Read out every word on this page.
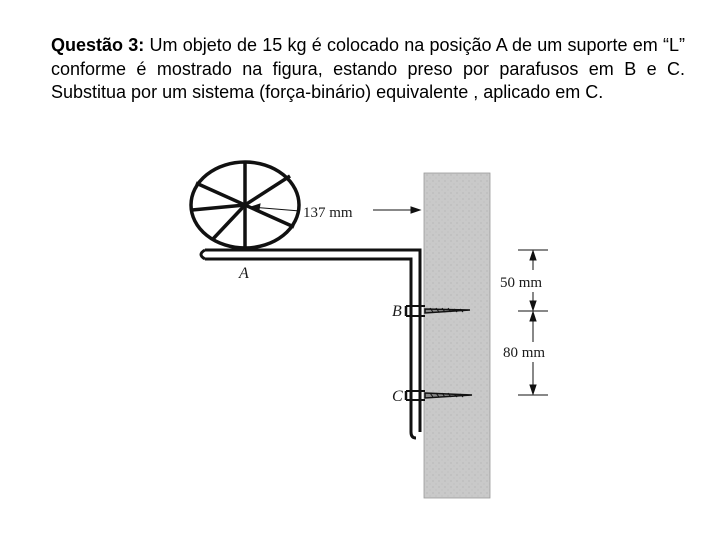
Questão 3: Um objeto de 15 kg é colocado na posição A de um suporte em “L” conforme é mostrado na figura, estando preso por parafusos em B e C. Substitua por um sistema (força-binário) equivalente , aplicado em C.

137 mm
50 mm
80 mm
A
B
C
